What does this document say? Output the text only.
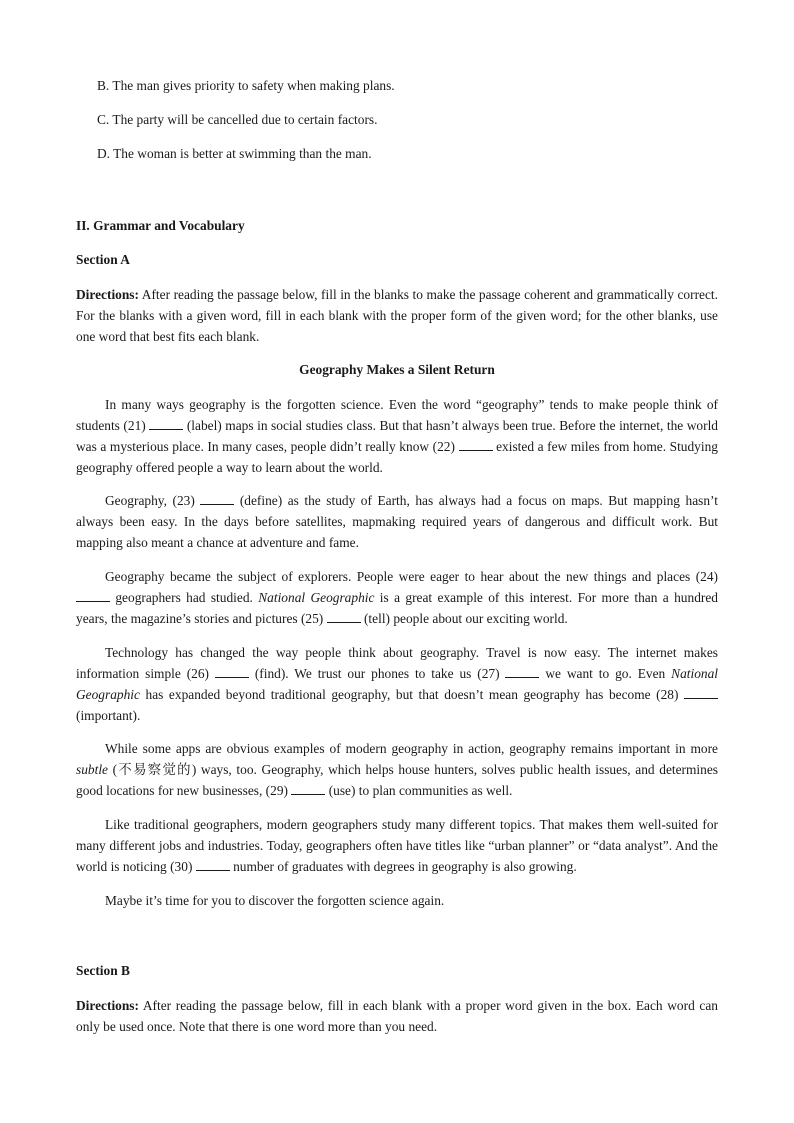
B. The man gives priority to safety when making plans.
C. The party will be cancelled due to certain factors.
D. The woman is better at swimming than the man.
II. Grammar and Vocabulary
Section A

Directions: After reading the passage below, fill in the blanks to make the passage coherent and grammatically correct. For the blanks with a given word, fill in each blank with the proper form of the given word; for the other blanks, use one word that best fits each blank.

Geography Makes a Silent Return

In many ways geography is the forgotten science. Even the word “geography” tends to make people think of students (21)	(label) maps in social studies class. But that hasn’t always been true. Before the internet, the world was a mysterious place. In many cases, people didn’t really know (22)	existed a few miles from home. Studying geography offered people a way to learn about the world.

Geography, (23)	(define) as the study of Earth, has always had a focus on maps. But mapping hasn’t always been easy. In the days before satellites, mapmaking required years of dangerous and difficult work. But mapping also meant a chance at adventure and fame.

Geography became the subject of explorers. People were eager to hear about the new things and places (24)  geographers had studied. National Geographic is a great example of this interest. For more than a hundred years, the magazine’s stories and pictures (25)	(tell) people about our exciting world.

Technology has changed the way people think about geography. Travel is now easy. The internet makes information simple (26)	(find). We trust our phones to take us (27)	we want to go. Even National Geographic has expanded beyond traditional geography, but that doesn’t mean geography has become (28)  (important).

While some apps are obvious examples of modern geography in action, geography remains important in more subtle (不易察觉的) ways, too. Geography, which helps house hunters, solves public health issues, and determines good locations for new businesses, (29)	(use) to plan communities as well.

Like traditional geographers, modern geographers study many different topics. That makes them well-suited for many different jobs and industries. Today, geographers often have titles like “urban planner” or “data analyst”. And the world is noticing (30)	number of graduates with degrees in geography is also growing.

Maybe it’s time for you to discover the forgotten science again.

Section B

Directions: After reading the passage below, fill in each blank with a proper word given in the box. Each word can only be used once. Note that there is one word more than you need.
